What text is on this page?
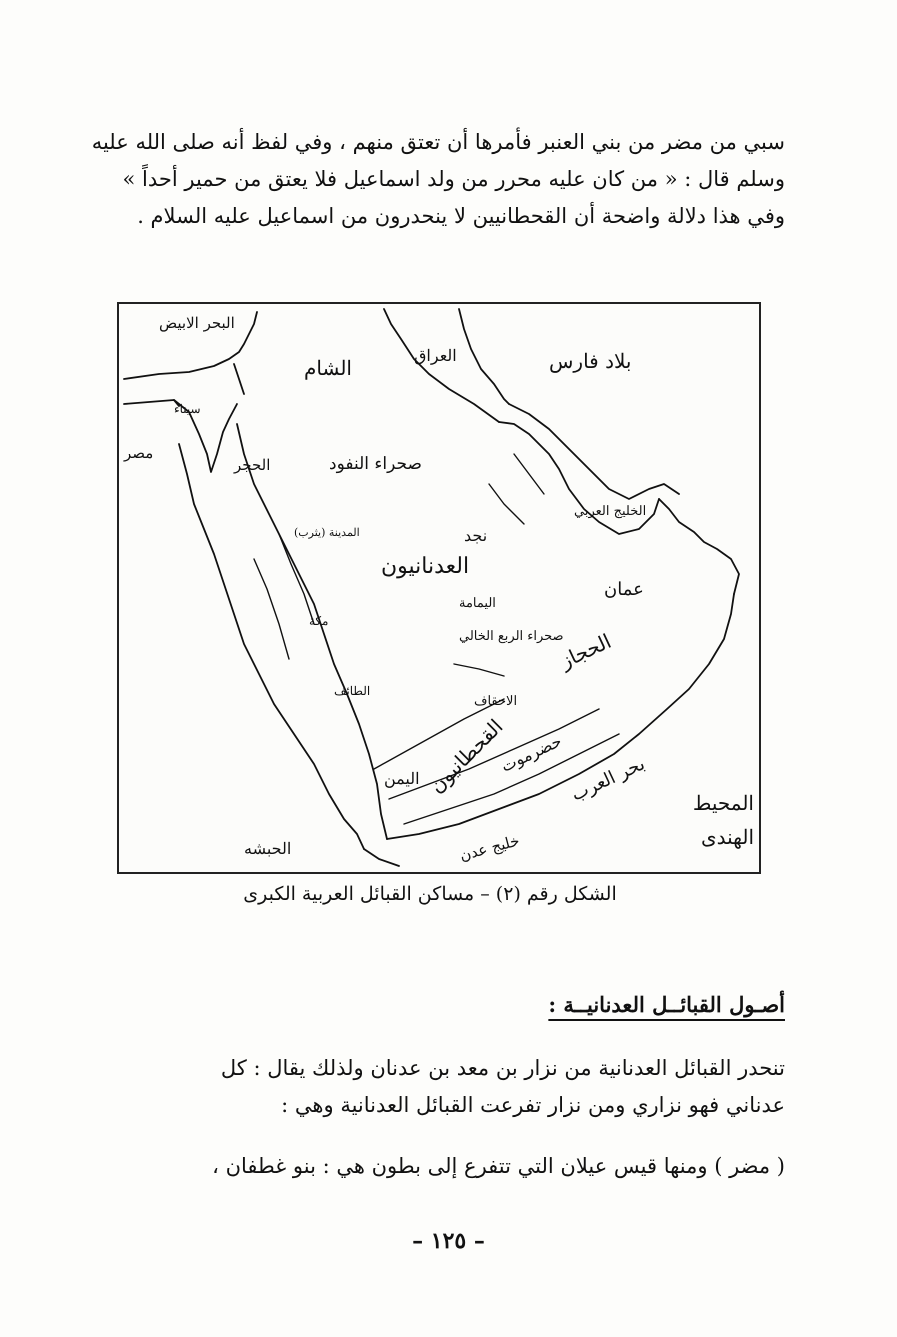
سبي من مضر من بني العنبر فأمرها أن تعتق منهم ، وفي لفظ أنه صلى الله عليه
وسلم قال : « من كان عليه محرر من ولد اسماعيل فلا يعتق من حمير أحداً »
وفي هذا دلالة واضحة أن القحطانيين لا ينحدرون من اسماعيل عليه السلام .
البحر الابيض
الشام
العراق	بلاد فارس
مصر
سيناء
الحجر	صحراء النفود
الخليج العربي
نجد
العدنانيون
المدينة (يثرب)
اليمامة
عمان
صحراء الربع الخالي
الاحقاف
الحجاز
القحطانيون
حضرموت
اليمن	بحر العرب	المحيط الهندى
خليج عدن
الحبشه
مكة
الطائف
الشكل رقم (٢) – مساكن القبائل العربية الكبرى
أصـول القبائــل العدنانيــة :
تنحدر القبائل العدنانية من نزار بن معد بن عدنان ولذلك يقال : كل
عدناني فهو نزاري ومن نزار تفرعت القبائل العدنانية وهي :
( مضر ) ومنها قيس عيلان التي تتفرع إلى بطون هي : بنو غطفان ،
– ١٢٥ –
